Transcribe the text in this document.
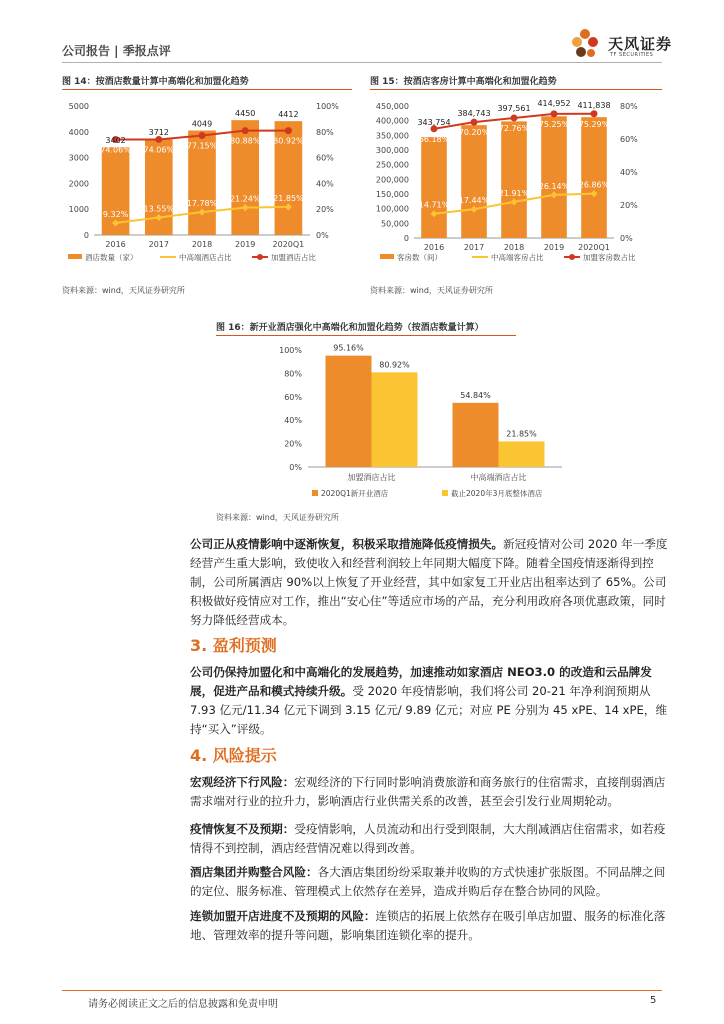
公司报告 | 季报点评	天风证券
TF SECURITIES
图 14：按酒店数量计算中高端化和加盟化趋势
5000
4000
3000
2000
1000
0
100%
80%
60%
40%
20%
0%
2016	2017	2018	2019 2020Q1
3402
3712
4049
4450	4412
74.06% 74.06% 77.15%
80.88% 80.92%
9.32%
13.55%
17.78% 21.24% 21.85%
酒店数量（家）	中高端酒店占比	加盟酒店占比
资料来源：wind，天风证券研究所
图 15：按酒店客房计算中高端化和加盟化趋势
450,000
400,000
350,000
300,000
250,000
200,000
150,000
100,000
50,000
0
80%
60%
40%
20%
0%
2016 2017 2018 2019 2020Q1
343,754
384,743
397,561
414,952 411,838
66.18%
70.20% 72.76% 75.25% 75.29%
14.71%
17.44%
21.91%
26.14% 26.86%
客房数（间）	中高端客房占比	加盟客房数占比
资料来源：wind，天风证券研究所
图 16：新开业酒店强化中高端化和加盟化趋势（按酒店数量计算）
100%
80%
60%
40%
20%
0%
95.16%
80.92%
加盟酒店占比
54.84%
21.85%
中高端酒店占比
2020Q1新开业酒店	截止2020年3月底整体酒店
资料来源：wind，天风证券研究所
公司正从疫情影响中逐渐恢复，积极采取措施降低疫情损失。新冠疫情对公司 2020 年一季度经营产生重大影响，致使收入和经营利润较上年同期大幅度下降。随着全国疫情逐渐得到控制，公司所属酒店 90%以上恢复了开业经营，其中如家复工开业店出租率达到了 65%。公司积极做好疫情应对工作，推出“安心住”等适应市场的产品，充分利用政府各项优惠政策，同时努力降低经营成本。
3. 盈利预测
公司仍保持加盟化和中高端化的发展趋势，加速推动如家酒店 NEO3.0 的改造和云品牌发展，促进产品和模式持续升级。受 2020 年疫情影响，我们将公司 20-21 年净利润预期从 7.93 亿元/11.34 亿元下调到 3.15 亿元/ 9.89 亿元；对应 PE 分别为 45 xPE、14 xPE，维持“买入”评级。
4. 风险提示
宏观经济下行风险：宏观经济的下行同时影响消费旅游和商务旅行的住宿需求，直接削弱酒店需求端对行业的拉升力，影响酒店行业供需关系的改善，甚至会引发行业周期轮动。
疫情恢复不及预期：受疫情影响，人员流动和出行受到限制，大大削减酒店住宿需求，如若疫情得不到控制，酒店经营情况难以得到改善。
酒店集团并购整合风险：各大酒店集团纷纷采取兼并收购的方式快速扩张版图。不同品牌之间的定位、服务标准、管理模式上依然存在差异，造成并购后存在整合协同的风险。
连锁加盟开店进度不及预期的风险：连锁店的拓展上依然存在吸引单店加盟、服务的标准化落地、管理效率的提升等问题，影响集团连锁化率的提升。
请务必阅读正文之后的信息披露和免责申明	5
